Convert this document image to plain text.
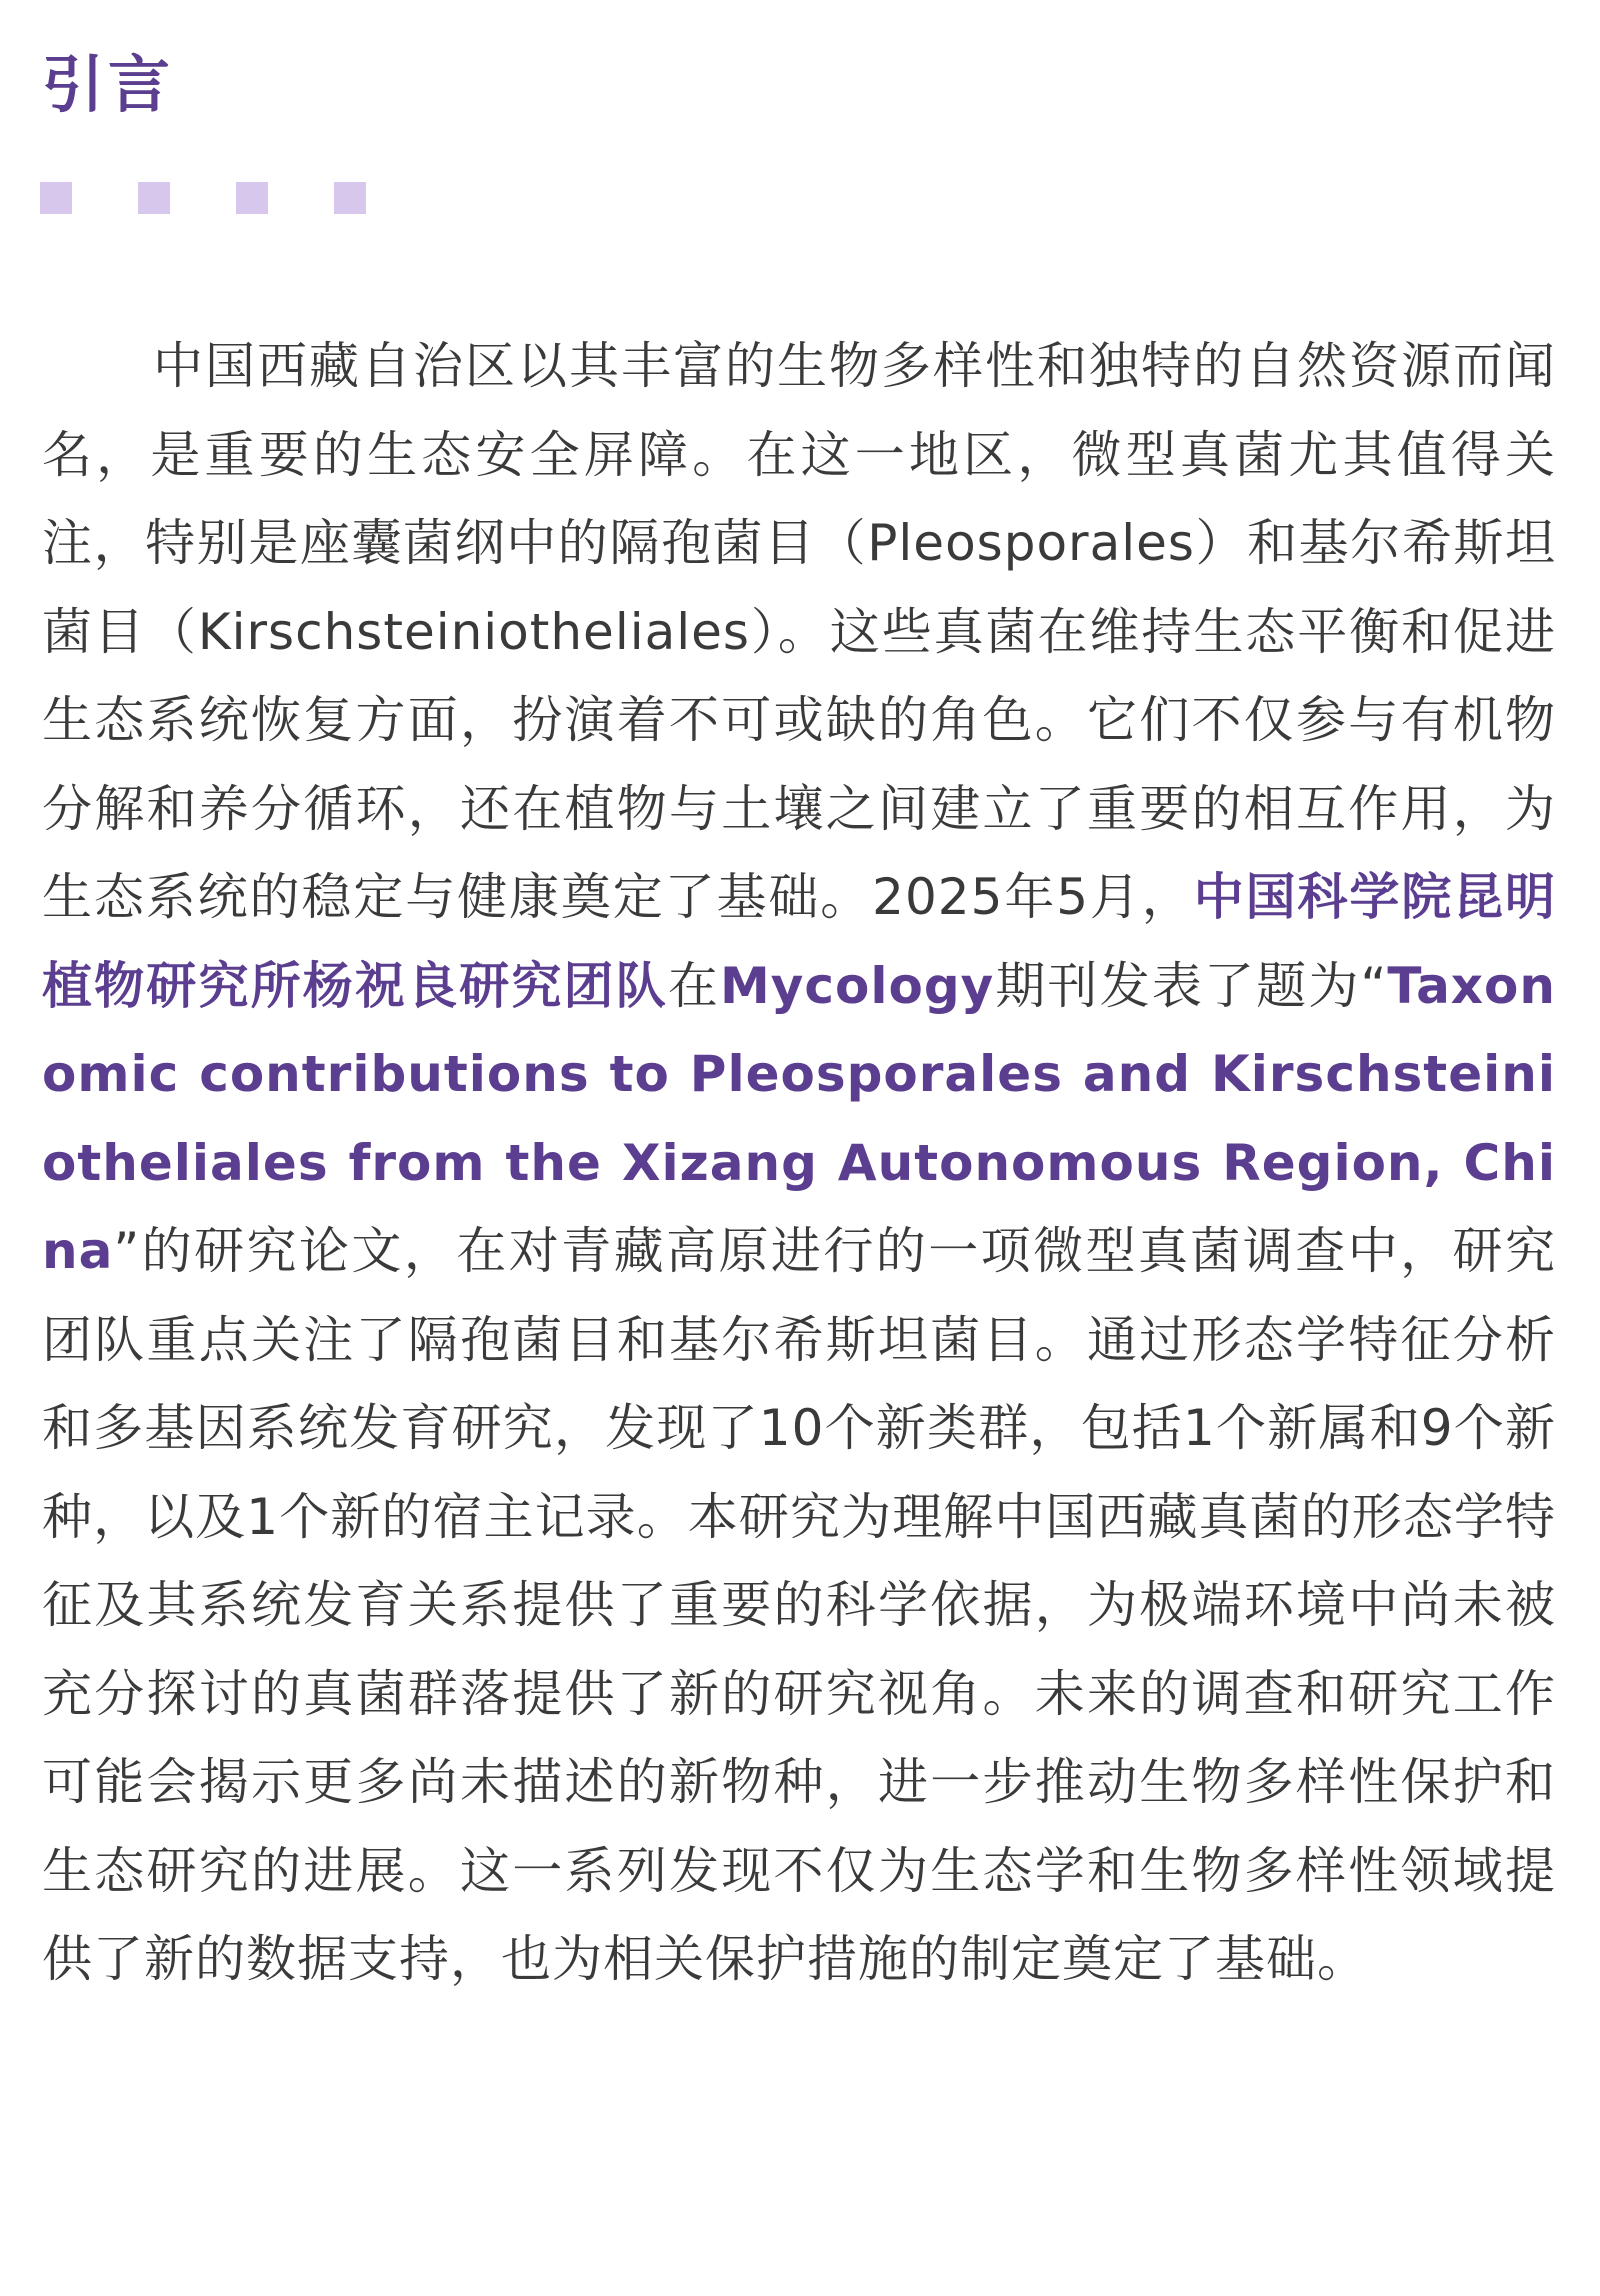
引言
中国西藏自治区以其丰富的生物多样性和独特的自然资源而闻名，是重要的生态安全屏障。在这一地区，微型真菌尤其值得关注，特别是座囊菌纲中的隔孢菌目（Pleosporales）和基尔希斯坦菌目（Kirschsteiniotheliales）。这些真菌在维持生态平衡和促进生态系统恢复方面，扮演着不可或缺的角色。它们不仅参与有机物分解和养分循环，还在植物与土壤之间建立了重要的相互作用，为生态系统的稳定与健康奠定了基础。2025年5月，中国科学院昆明植物研究所杨祝良研究团队在Mycology期刊发表了题为“Taxonomic contributions to Pleosporales and Kirschsteiniotheliales from the Xizang Autonomous Region, China”的研究论文，在对青藏高原进行的一项微型真菌调查中，研究团队重点关注了隔孢菌目和基尔希斯坦菌目。通过形态学特征分析和多基因系统发育研究，发现了10个新类群，包括1个新属和9个新种，以及1个新的宿主记录。本研究为理解中国西藏真菌的形态学特征及其系统发育关系提供了重要的科学依据，为极端环境中尚未被充分探讨的真菌群落提供了新的研究视角。未来的调查和研究工作可能会揭示更多尚未描述的新物种，进一步推动生物多样性保护和生态研究的进展。这一系列发现不仅为生态学和生物多样性领域提供了新的数据支持，也为相关保护措施的制定奠定了基础。
